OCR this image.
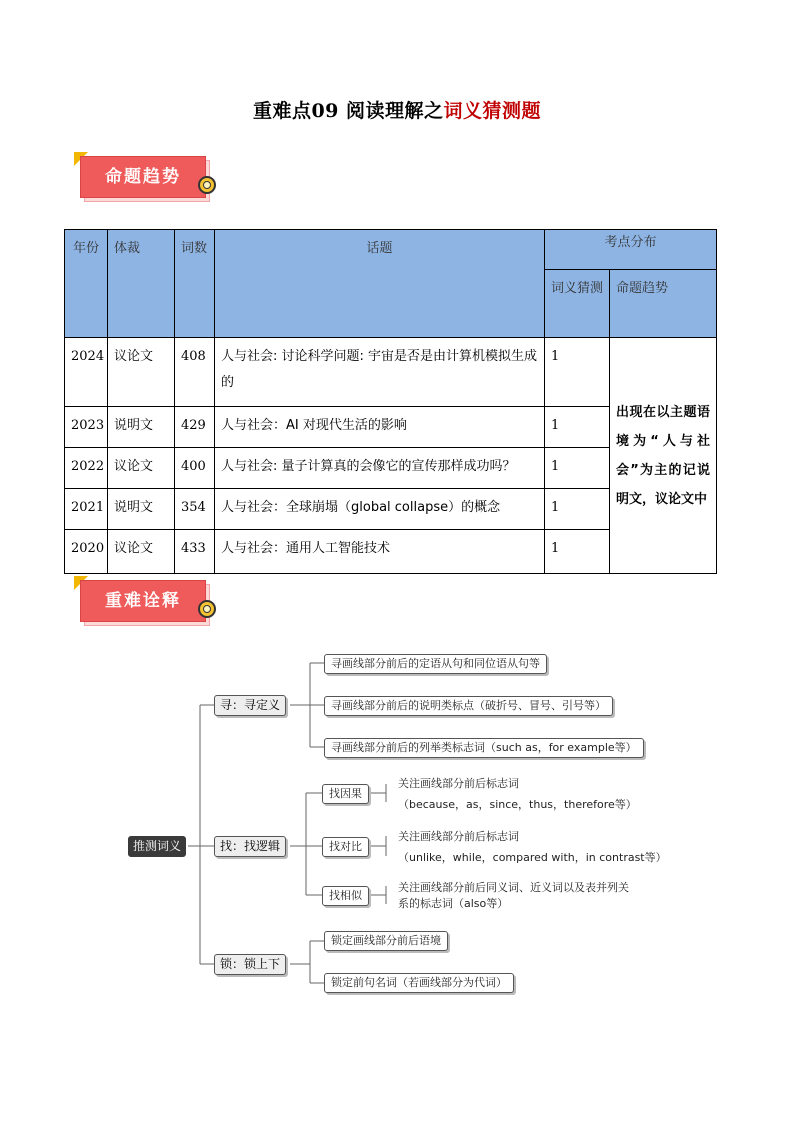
重难点09 阅读理解之词义猜测题
命题趋势
年份	体裁	词数	话题	考点分布	
				词义猜测	命题趋势
2024	议论文	408	人与社会: 讨论科学问题: 宇宙是否是由计算机模拟生成的	1	出现在以主题语境为“人与社会”为主的记说明文，议论文中
2023	说明文	429	人与社会：AI 对现代生活的影响	1	
2022	议论文	400	人与社会: 量子计算真的会像它的宣传那样成功吗？	1	
2021	说明文	354	人与社会：全球崩塌（global collapse）的概念	1	
2020	议论文	433	人与社会：通用人工智能技术	1	
重难诠释
推测词义
寻：寻定义
找：找逻辑
锁：锁上下
寻画线部分前后的定语从句和同位语从句等
寻画线部分前后的说明类标点（破折号、冒号、引号等）
寻画线部分前后的列举类标志词（such as，for example等）
找因果
找对比
找相似
关注画线部分前后标志词
（because，as，since，thus，therefore等）
关注画线部分前后标志词
（unlike，while，compared with，in contrast等）
关注画线部分前后同义词、近义词以及表并列关
系的标志词（also等）
锁定画线部分前后语境
锁定前句名词（若画线部分为代词）
